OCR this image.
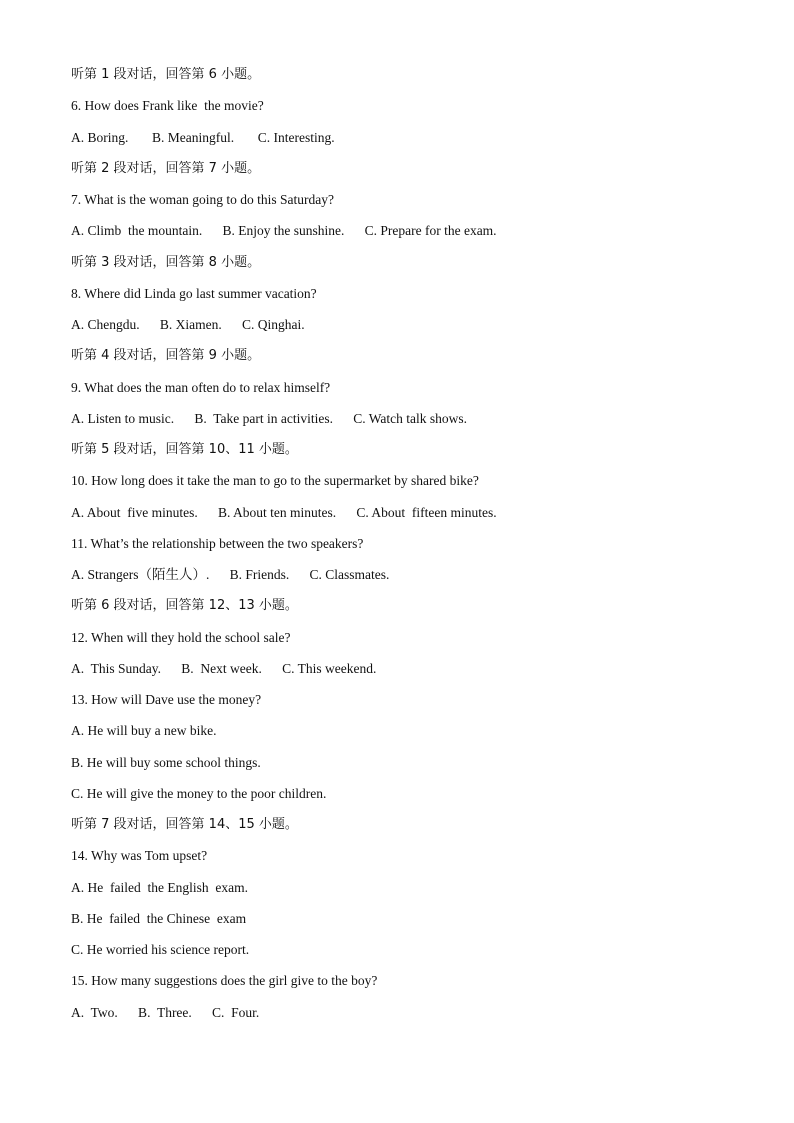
听第 1 段对话，回答第 6 小题。
6. How does Frank like  the movie?
A. Boring.       B. Meaningful.       C. Interesting.
听第 2 段对话，回答第 7 小题。
7. What is the woman going to do this Saturday?
A. Climb  the mountain.      B. Enjoy the sunshine.      C. Prepare for the exam.
听第 3 段对话，回答第 8 小题。
8. Where did Linda go last summer vacation?
A. Chengdu.      B. Xiamen.      C. Qinghai.
听第 4 段对话，回答第 9 小题。
9. What does the man often do to relax himself?
A. Listen to music.      B.  Take part in activities.      C. Watch talk shows.
听第 5 段对话，回答第 10、11 小题。
10. How long does it take the man to go to the supermarket by shared bike?
A. About  five minutes.      B. About ten minutes.      C. About  fifteen minutes.
11. What’s the relationship between the two speakers?
A. Strangers（陌生人）.      B. Friends.      C. Classmates.
听第 6 段对话，回答第 12、13 小题。
12. When will they hold the school sale?
A.  This Sunday.      B.  Next week.      C. This weekend.
13. How will Dave use the money?
A. He will buy a new bike.
B. He will buy some school things.
C. He will give the money to the poor children.
听第 7 段对话，回答第 14、15 小题。
14. Why was Tom upset?
A. He  failed  the English  exam.
B. He  failed  the Chinese  exam
C. He worried his science report.
15. How many suggestions does the girl give to the boy?
A.  Two.      B.  Three.      C.  Four.
